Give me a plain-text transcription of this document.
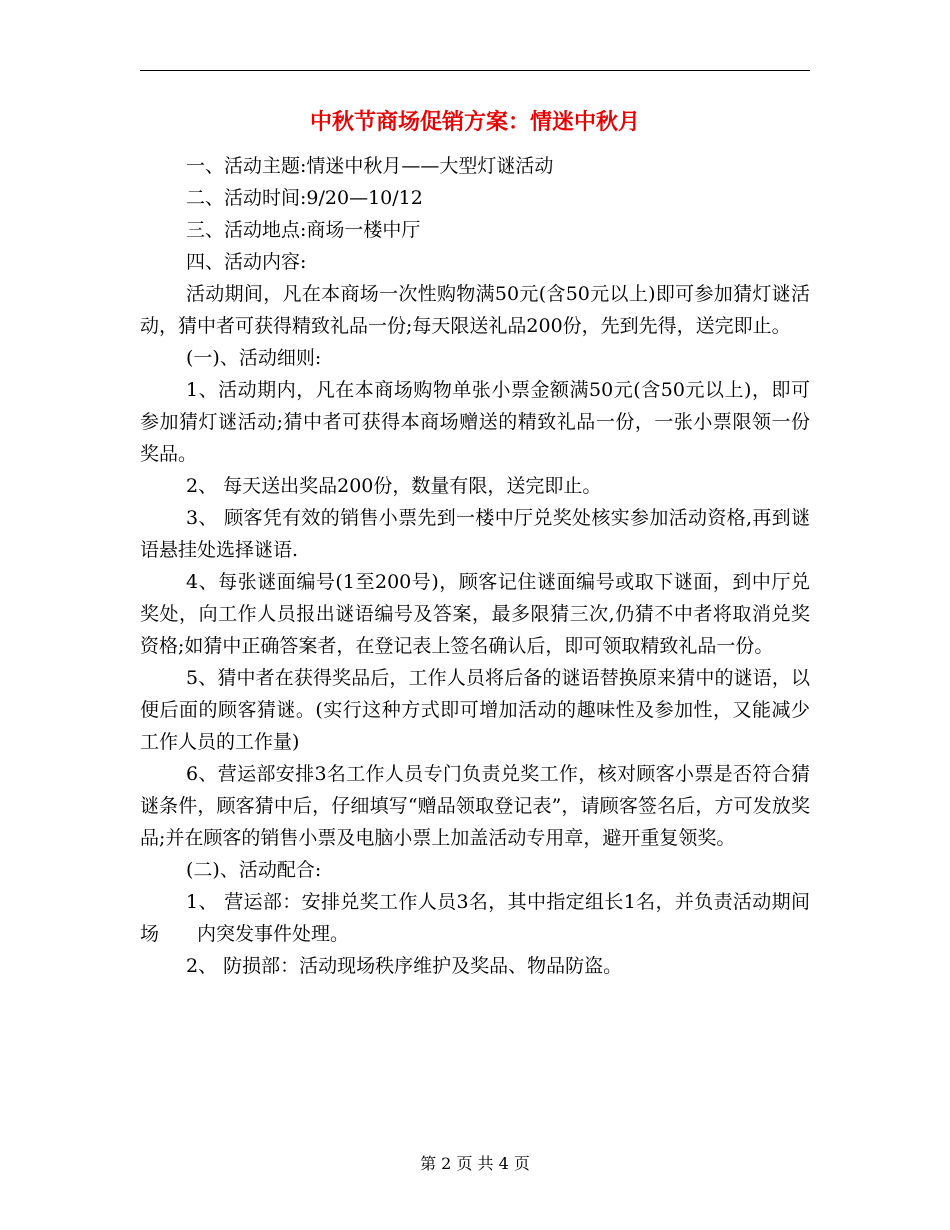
中秋节商场促销方案：情迷中秋月

一、活动主题:情迷中秋月——大型灯谜活动

二、活动时间:9/20—10/12

三、活动地点:商场一楼中厅

四、活动内容:

活动期间，凡在本商场一次性购物满50元(含50元以上)即可参加猜灯谜活动，猜中者可获得精致礼品一份;每天限送礼品200份，先到先得，送完即止。

(一)、活动细则:

1、活动期内，凡在本商场购物单张小票金额满50元(含50元以上)，即可参加猜灯谜活动;猜中者可获得本商场赠送的精致礼品一份，一张小票限领一份奖品。

2、 每天送出奖品200份，数量有限，送完即止。

3、 顾客凭有效的销售小票先到一楼中厅兑奖处核实参加活动资格,再到谜语悬挂处选择谜语.

4、每张谜面编号(1至200号)，顾客记住谜面编号或取下谜面，到中厅兑奖处，向工作人员报出谜语编号及答案，最多限猜三次,仍猜不中者将取消兑奖资格;如猜中正确答案者，在登记表上签名确认后，即可领取精致礼品一份。

5、猜中者在获得奖品后，工作人员将后备的谜语替换原来猜中的谜语，以便后面的顾客猜谜。(实行这种方式即可增加活动的趣味性及参加性，又能减少工作人员的工作量)

6、营运部安排3名工作人员专门负责兑奖工作，核对顾客小票是否符合猜谜条件，顾客猜中后，仔细填写“赠品领取登记表”，请顾客签名后，方可发放奖品;并在顾客的销售小票及电脑小票上加盖活动专用章，避开重复领奖。

(二)、活动配合:

1、 营运部：安排兑奖工作人员3名，其中指定组长1名，并负责活动期间场　　内突发事件处理。

2、 防损部：活动现场秩序维护及奖品、物品防盗。

第 2 页 共 4 页
